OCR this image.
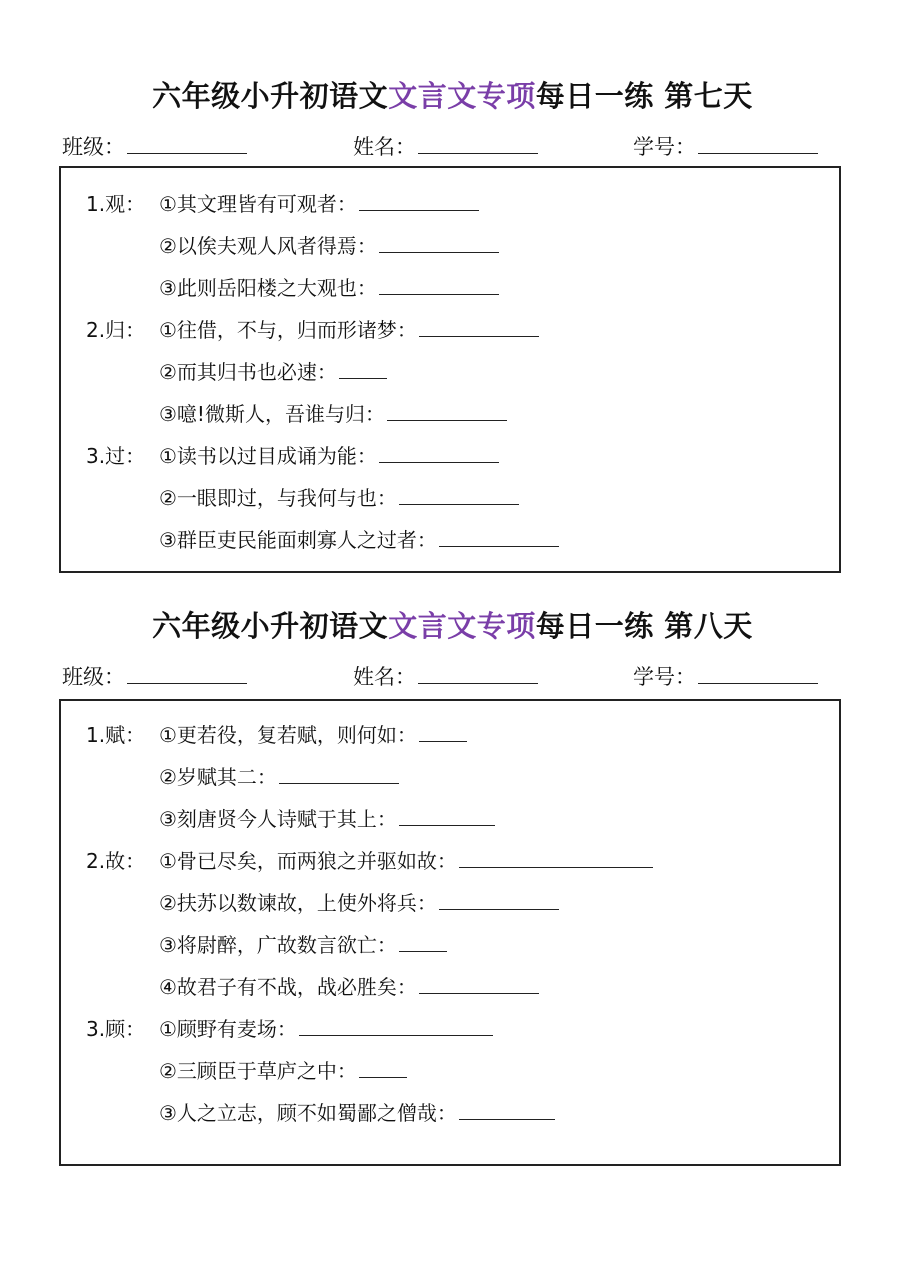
六年级小升初语文文言文专项每日一练 第七天
班级：	姓名：	学号：
1.观： ①其文理皆有可观者：
②以俟夫观人风者得焉：
③此则岳阳楼之大观也：
2.归： ①往借，不与，归而形诸梦：
②而其归书也必速：
③噫!微斯人，吾谁与归：
3.过： ①读书以过目成诵为能：
②一眼即过，与我何与也：
③群臣吏民能面刺寡人之过者：
六年级小升初语文文言文专项每日一练 第八天
班级：	姓名：	学号：
1.赋： ①更若役，复若赋，则何如：
②岁赋其二：
③刻唐贤今人诗赋于其上：
2.故： ①骨已尽矣，而两狼之并驱如故：
②扶苏以数谏故，上使外将兵：
③将尉醉，广故数言欲亡：
④故君子有不战，战必胜矣：
3.顾： ①顾野有麦场：
②三顾臣于草庐之中：
③人之立志，顾不如蜀鄙之僧哉：
